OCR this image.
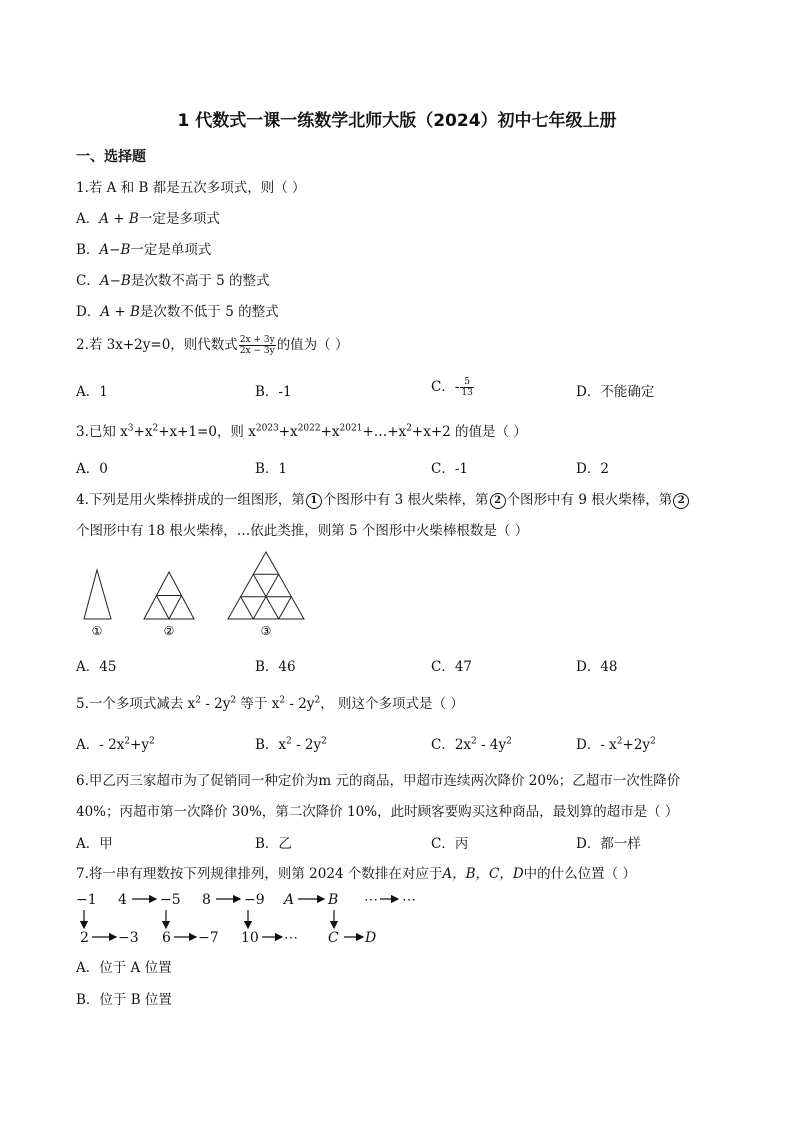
1 代数式一课一练数学北师大版（2024）初中七年级上册
一、选择题
1.若 A 和 B 都是五次多项式，则（ ）
A．A + B一定是多项式
B．A−B一定是单项式
C．A−B是次数不高于 5 的整式
D．A + B是次数不低于 5 的整式
2.若 3x+2y=0，则代数式 $\frac{2x + 3y}{2x - 3y}$ 的值为（ ）
A．1	B．-1	C．- $\frac{5}{13}$	D．不能确定
3.已知 $x^3+x^2+x+1=0$，则 $x^{2023}+x^{2022}+x^{2021}+\dots+x^2+x+2$ 的值是（ ）
A．0	B．1	C．-1	D．2
4.下列是用火柴棒拼成的一组图形，第 1 个图形中有 3 根火柴棒，第 2 个图形中有 9 根火柴棒，第 2
个图形中有 18 根火柴棒，…依此类推，则第 5 个图形中火柴棒根数是（ ）
①	②	③
A．45	B．46	C．47	D．48
5.一个多项式减去 $x^2 - 2y^2$ 等于 $x^2 - 2y^2$， 则这个多项式是（ ）
A．- $2x^2+y^2$	B．$x^2 - 2y^2$	C．$2x^2 - 4y^2$	D．- $x^2+2y^2$
6.甲乙丙三家超市为了促销同一种定价为m 元的商品，甲超市连续两次降价 20%；乙超市一次性降价
40%；丙超市第一次降价 30%，第二次降价 10%，此时顾客要购买这种商品，最划算的超市是（ ）
A．甲	B．乙	C．丙	D．都一样
7.将一串有理数按下列规律排列，则第 2024 个数排在对应于A，B，C，D中的什么位置（ ）
−1 4 −5 8 −9 A B ⋯ ⋯
2 −3 6 −7 10 ⋯ C D
A．位于 A 位置
B．位于 B 位置
